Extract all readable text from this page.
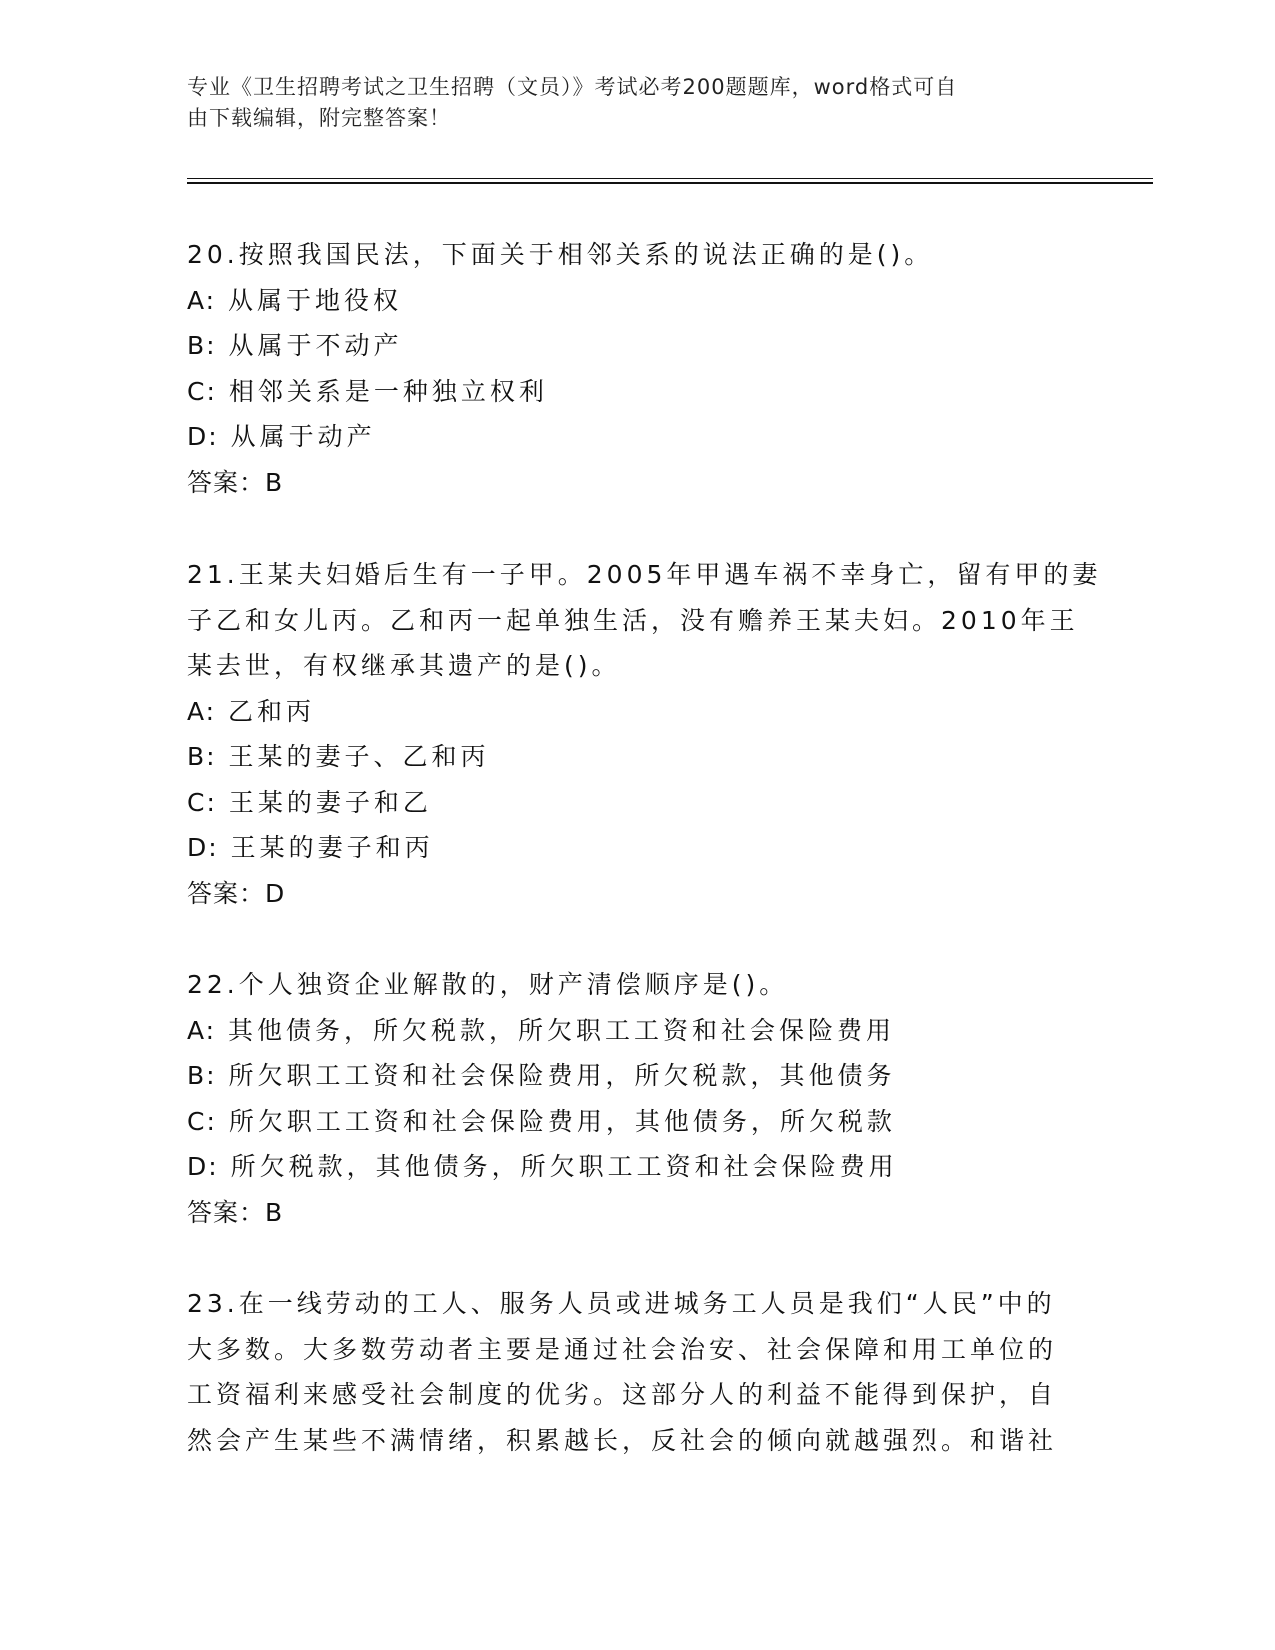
专业《卫生招聘考试之卫生招聘（文员）》考试必考200题题库，word格式可自
由下载编辑，附完整答案！
20.按照我国民法，下面关于相邻关系的说法正确的是()。
A: 从属于地役权
B: 从属于不动产
C: 相邻关系是一种独立权利
D: 从属于动产
答案：B
21.王某夫妇婚后生有一子甲。2005年甲遇车祸不幸身亡，留有甲的妻
子乙和女儿丙。乙和丙一起单独生活，没有赡养王某夫妇。2010年王
某去世，有权继承其遗产的是()。
A: 乙和丙
B: 王某的妻子、乙和丙
C: 王某的妻子和乙
D: 王某的妻子和丙
答案：D
22.个人独资企业解散的，财产清偿顺序是()。
A: 其他债务，所欠税款，所欠职工工资和社会保险费用
B: 所欠职工工资和社会保险费用，所欠税款，其他债务
C: 所欠职工工资和社会保险费用，其他债务，所欠税款
D: 所欠税款，其他债务，所欠职工工资和社会保险费用
答案：B
23.在一线劳动的工人、服务人员或进城务工人员是我们“人民”中的
大多数。大多数劳动者主要是通过社会治安、社会保障和用工单位的
工资福利来感受社会制度的优劣。这部分人的利益不能得到保护，自
然会产生某些不满情绪，积累越长，反社会的倾向就越强烈。和谐社
